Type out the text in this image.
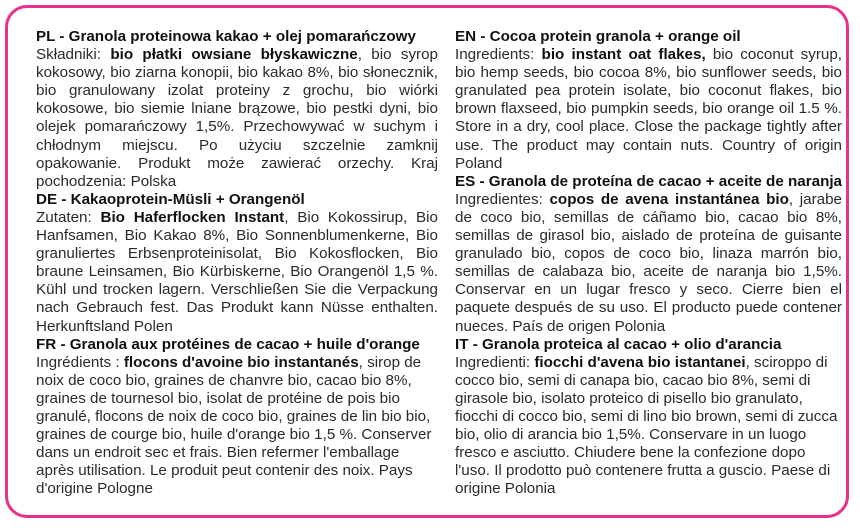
PL - Granola proteinowa kakao + olej pomarańczowy

Składniki: bio płatki owsiane błyskawiczne, bio syrop kokosowy, bio ziarna konopii, bio kakao 8%, bio słonecznik, bio granulowany izolat proteiny z grochu, bio wiórki kokosowe, bio siemie lniane brązowe, bio pestki dyni, bio olejek pomarańczowy 1,5%. Przechowywać w suchym i chłodnym miejscu. Po użyciu szczelnie zamknij opakowanie. Produkt może zawierać orzechy. Kraj pochodzenia: Polska

DE - Kakaoprotein-Müsli + Orangenöl

Zutaten: Bio Haferflocken Instant, Bio Kokossirup, Bio Hanfsamen, Bio Kakao 8%, Bio Sonnenblumenkerne, Bio granuliertes Erbsenproteinisolat, Bio Kokosflocken, Bio braune Leinsamen, Bio Kürbiskerne, Bio Orangenöl 1,5 %. Kühl und trocken lagern. Verschließen Sie die Verpackung nach Gebrauch fest. Das Produkt kann Nüsse enthalten. Herkunftsland Polen

FR - Granola aux protéines de cacao + huile d'orange

Ingrédients : flocons d'avoine bio instantanés, sirop de noix de coco bio, graines de chanvre bio, cacao bio 8%, graines de tournesol bio, isolat de protéine de pois bio granulé, flocons de noix de coco bio, graines de lin bio bio, graines de courge bio, huile d'orange bio 1,5 %. Conserver dans un endroit sec et frais. Bien refermer l'emballage après utilisation. Le produit peut contenir des noix. Pays d'origine Pologne

EN - Cocoa protein granola + orange oil

Ingredients: bio instant oat flakes, bio coconut syrup, bio hemp seeds, bio cocoa 8%, bio sunflower seeds, bio granulated pea protein isolate, bio coconut flakes, bio brown flaxseed, bio pumpkin seeds, bio orange oil 1.5 %. Store in a dry, cool place. Close the package tightly after use. The product may contain nuts. Country of origin Poland

ES - Granola de proteína de cacao + aceite de naranja

Ingredientes: copos de avena instantánea bio, jarabe de coco bio, semillas de cáñamo bio, cacao bio 8%, semillas de girasol bio, aislado de proteína de guisante granulado bio, copos de coco bio, linaza marrón bio, semillas de calabaza bio, aceite de naranja bio 1,5%. Conservar en un lugar fresco y seco. Cierre bien el paquete después de su uso. El producto puede contener nueces. País de origen Polonia

IT - Granola proteica al cacao + olio d'arancia

Ingredienti: fiocchi d'avena bio istantanei, sciroppo di cocco bio, semi di canapa bio, cacao bio 8%, semi di girasole bio, isolato proteico di pisello bio granulato, fiocchi di cocco bio, semi di lino bio brown, semi di zucca bio, olio di arancia bio 1,5%. Conservare in un luogo fresco e asciutto. Chiudere bene la confezione dopo l'uso. Il prodotto può contenere frutta a guscio. Paese di origine Polonia
